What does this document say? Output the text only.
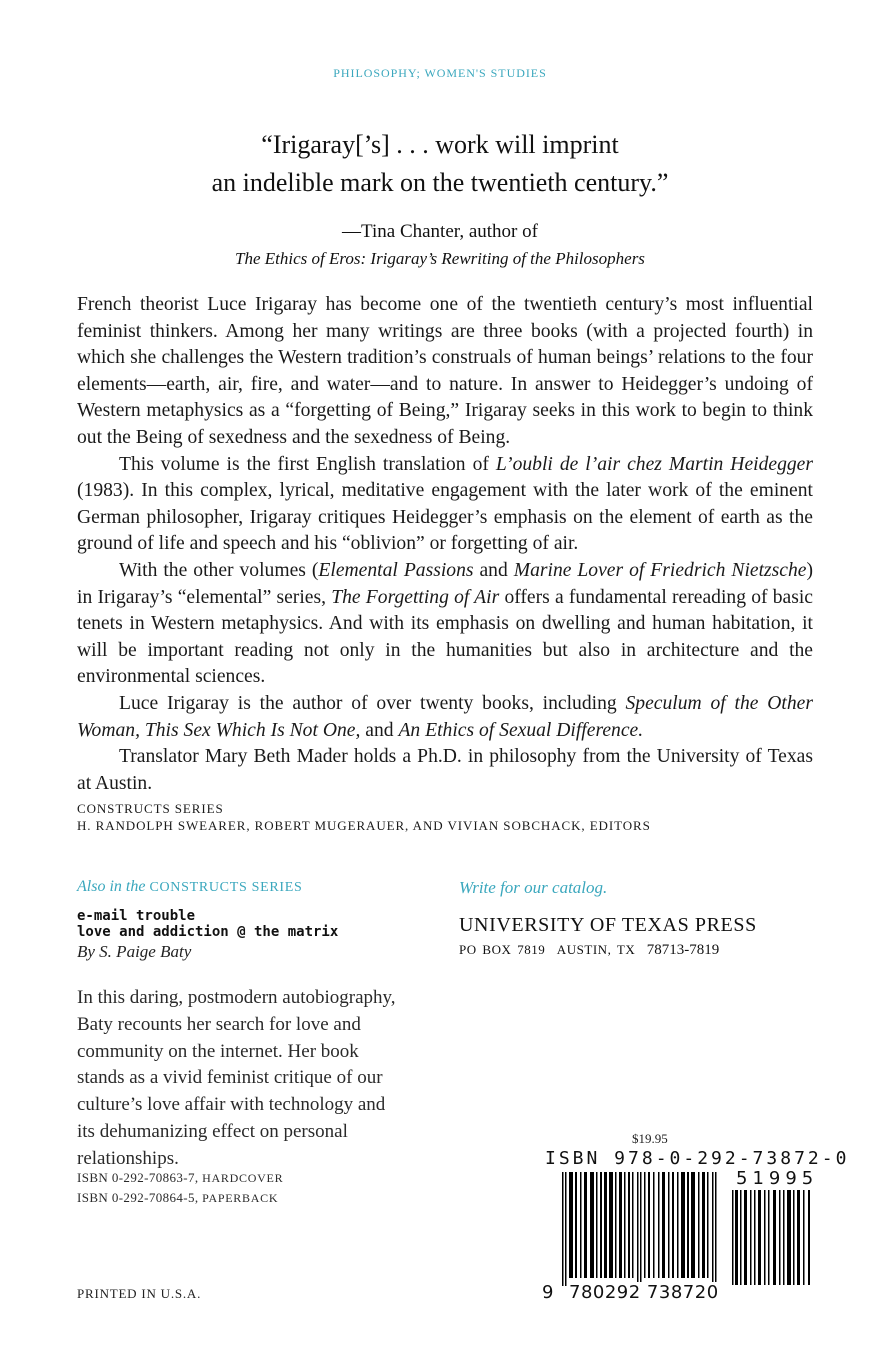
PHILOSOPHY; WOMEN'S STUDIES
“Irigaray[’s] . . . work will imprint
an indelible mark on the twentieth century.”
—Tina Chanter, author of
The Ethics of Eros: Irigaray’s Rewriting of the Philosophers

French theorist Luce Irigaray has become one of the twentieth century’s most influential feminist thinkers. Among her many writings are three books (with a projected fourth) in which she challenges the Western tradition’s construals of human beings’ relations to the four elements—earth, air, fire, and water—and to nature. In answer to Heidegger’s undoing of Western metaphysics as a “forgetting of Being,” Irigaray seeks in this work to begin to think out the Being of sexedness and the sexedness of Being.

This volume is the first English translation of L’oubli de l’air chez Martin Heidegger (1983). In this complex, lyrical, meditative engagement with the later work of the eminent German philosopher, Irigaray critiques Heidegger’s emphasis on the element of earth as the ground of life and speech and his “oblivion” or forgetting of air.

With the other volumes (Elemental Passions and Marine Lover of Friedrich Nietzsche) in Irigaray’s “elemental” series, The Forgetting of Air offers a fundamental rereading of basic tenets in Western metaphysics. And with its emphasis on dwelling and human habitation, it will be important reading not only in the humanities but also in architecture and the environmental sciences.

Luce Irigaray is the author of over twenty books, including Speculum of the Other Woman, This Sex Which Is Not One, and An Ethics of Sexual Difference.

Translator Mary Beth Mader holds a Ph.D. in philosophy from the University of Texas at Austin.

CONSTRUCTS SERIES
H. RANDOLPH SWEARER, ROBERT MUGERAUER, AND VIVIAN SOBCHACK, EDITORS
Also in the CONSTRUCTS SERIES
e-mail trouble
love and addiction @ the matrix
By S. Paige Baty
In this daring, postmodern autobiography, Baty recounts her search for love and community on the internet. Her book stands as a vivid feminist critique of our culture’s love affair with technology and its dehumanizing effect on personal relationships.
ISBN 0-292-70863-7, HARDCOVER
ISBN 0-292-70864-5, PAPERBACK
Write for our catalog.
UNIVERSITY OF TEXAS PRESS
PO BOX 7819 AUSTIN, TX 78713-7819
$19.95
ISBN 978-0-292-73872-0
51995
9 780292 738720
PRINTED IN U.S.A.
